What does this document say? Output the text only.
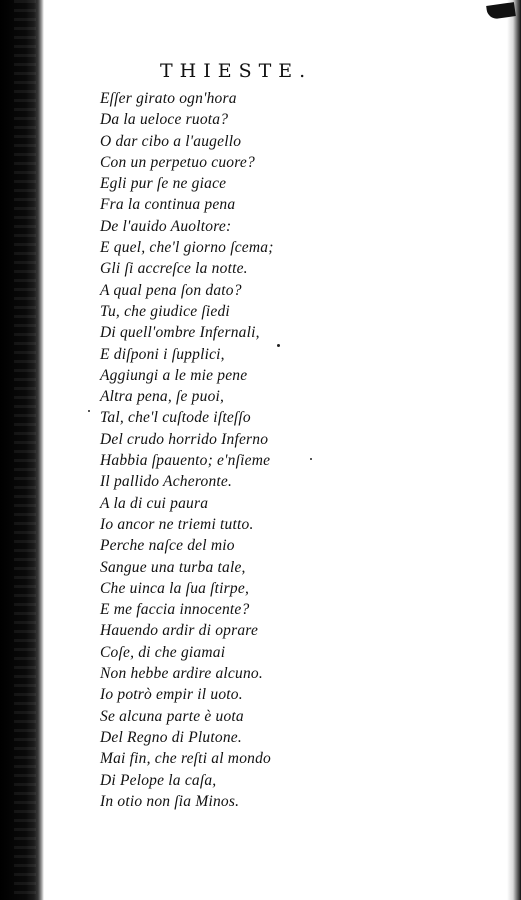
THIESTE.
Eſſer girato ogn'hora
Da la ueloce ruota?
O dar cibo a l'augello
Con un perpetuo cuore?
Egli pur ſe ne giace
Fra la continua pena
De l'auido Auoltore:
E quel, che'l giorno ſcema;
Gli ſi accreſce la notte.
A qual pena ſon dato?
Tu, che giudice ſiedi
Di quell'ombre Infernali,
E diſponi i ſupplici,
Aggiungi a le mie pene
Altra pena, ſe puoi,
Tal, che'l cuſtode iſteſſo
Del crudo horrido Inferno
Habbia ſpauento; e'nſieme
Il pallido Acheronte.
A la di cui paura
Io ancor ne triemi tutto.
Perche naſce del mio
Sangue una turba tale,
Che uinca la ſua ſtirpe,
E me faccia innocente?
Hauendo ardir di oprare
Coſe, di che giamai
Non hebbe ardire alcuno.
Io potrò empir il uoto.
Se alcuna parte è uota
Del Regno di Plutone.
Mai fin, che reſti al mondo
Di Pelope la caſa,
In otio non ſia Minos.
